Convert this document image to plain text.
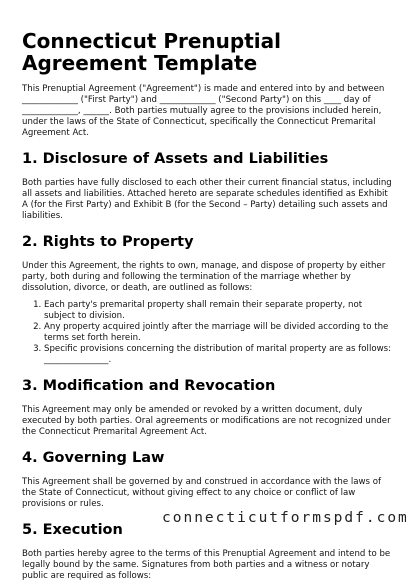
Connecticut Prenuptial Agreement Template

This Prenuptial Agreement ("Agreement") is made and entered into by and between _____________ ("First Party") and _____________ ("Second Party") on this ____ day of _____________, ______. Both parties mutually agree to the provisions included herein, under the laws of the State of Connecticut, specifically the Connecticut Premarital Agreement Act.

1. Disclosure of Assets and Liabilities

Both parties have fully disclosed to each other their current financial status, including all assets and liabilities. Attached hereto are separate schedules identified as Exhibit A (for the First Party) and Exhibit B (for the Second – Party) detailing such assets and liabilities.

2. Rights to Property

Under this Agreement, the rights to own, manage, and dispose of property by either party, both during and following the termination of the marriage whether by dissolution, divorce, or death, are outlined as follows:

1. Each party's premarital property shall remain their separate property, not subject to division.
2. Any property acquired jointly after the marriage will be divided according to the terms set forth herein.
3. Specific provisions concerning the distribution of marital property are as follows: _______________.
3. Modification and Revocation

This Agreement may only be amended or revoked by a written document, duly executed by both parties. Oral agreements or modifications are not recognized under the Connecticut Premarital Agreement Act.

4. Governing Law

This Agreement shall be governed by and construed in accordance with the laws of the State of Connecticut, without giving effect to any choice or conflict of law provisions or rules.

5. Execution

Both parties hereby agree to the terms of this Prenuptial Agreement and intend to be legally bound by the same. Signatures from both parties and a witness or notary public are required as follows:

connecticutformspdf.com
